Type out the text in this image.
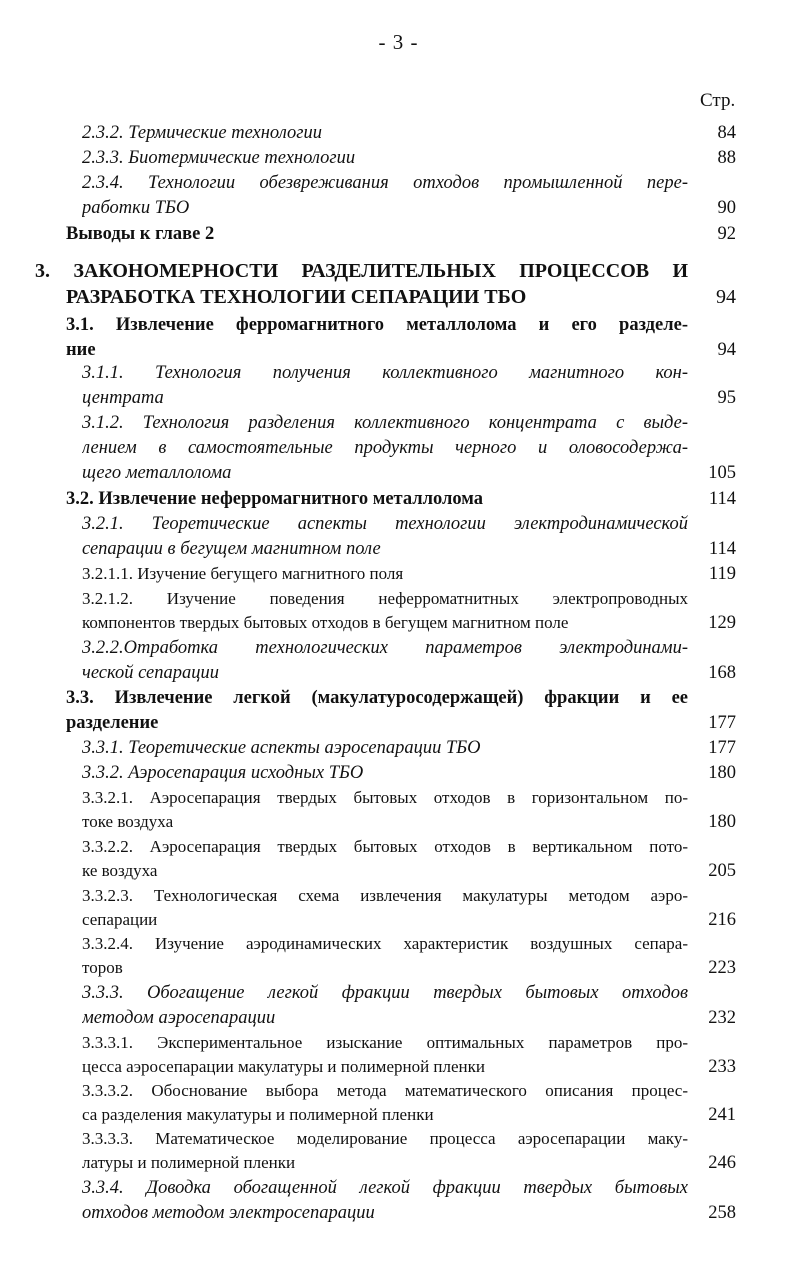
- 3 -
Стр.
2.3.2. Термические технологии	84
2.3.3. Биотермические технологии	88
2.3.4. Технологии обезвреживания отходов промышленной пере-
работки ТБО	90
Выводы к главе 2	92
3. ЗАКОНОМЕРНОСТИ РАЗДЕЛИТЕЛЬНЫХ ПРОЦЕССОВ И
РАЗРАБОТКА ТЕХНОЛОГИИ СЕПАРАЦИИ ТБО	94
3.1. Извлечение ферромагнитного металлолома и его разделе-
ние	94
3.1.1. Технология получения коллективного магнитного кон-
центрата	95
3.1.2. Технология разделения коллективного концентрата с выде-
лением в самостоятельные продукты черного и оловосодержа-
щего металлолома	105
3.2. Извлечение неферромагнитного металлолома	114
3.2.1. Теоретические аспекты технологии электродинамической
сепарации в бегущем магнитном поле	114
3.2.1.1. Изучение бегущего магнитного поля	119
3.2.1.2. Изучение поведения неферроматнитных электропроводных
компонентов твердых бытовых отходов в бегущем магнитном поле	129
3.2.2.Отработка технологических параметров электродинами-
ческой сепарации	168
3.3. Извлечение легкой (макулатуросодержащей) фракции и ее
разделение	177
3.3.1. Теоретические аспекты аэросепарации ТБО	177
3.3.2. Аэросепарация исходных ТБО	180
3.3.2.1. Аэросепарация твердых бытовых отходов в горизонтальном по-
токе воздуха	180
3.3.2.2. Аэросепарация твердых бытовых отходов в вертикальном пото-
ке воздуха	205
3.3.2.3. Технологическая схема извлечения макулатуры методом аэро-
сепарации	216
3.3.2.4. Изучение аэродинамических характеристик воздушных сепара-
торов	223
3.3.3. Обогащение легкой фракции твердых бытовых отходов
методом аэросепарации	232
3.3.3.1. Экспериментальное изыскание оптимальных параметров про-
цесса аэросепарации макулатуры и полимерной пленки	233
3.3.3.2. Обоснование выбора метода математического описания процес-
са разделения макулатуры и полимерной пленки	241
3.3.3.3. Математическое моделирование процесса аэросепарации маку-
латуры и полимерной пленки	246
3.3.4. Доводка обогащенной легкой фракции твердых бытовых
отходов методом электросепарации	258
